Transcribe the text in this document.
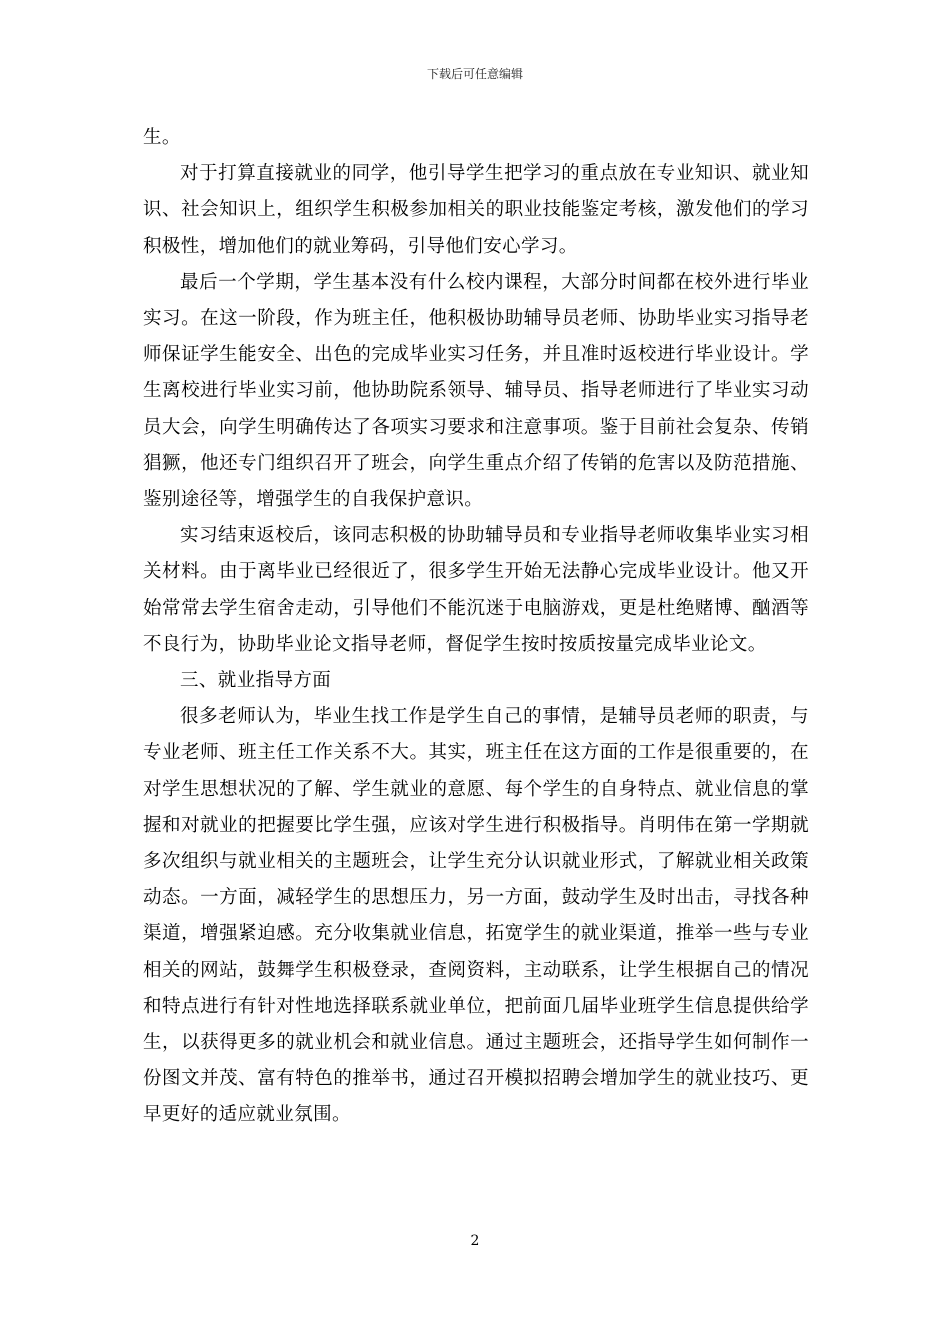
下载后可任意编辑

生。

对于打算直接就业的同学，他引导学生把学习的重点放在专业知识、就业知识、社会知识上，组织学生积极参加相关的职业技能鉴定考核，激发他们的学习积极性，增加他们的就业筹码，引导他们安心学习。

最后一个学期，学生基本没有什么校内课程，大部分时间都在校外进行毕业实习。在这一阶段，作为班主任，他积极协助辅导员老师、协助毕业实习指导老师保证学生能安全、出色的完成毕业实习任务，并且准时返校进行毕业设计。学生离校进行毕业实习前，他协助院系领导、辅导员、指导老师进行了毕业实习动员大会，向学生明确传达了各项实习要求和注意事项。鉴于目前社会复杂、传销猖獗，他还专门组织召开了班会，向学生重点介绍了传销的危害以及防范措施、鉴别途径等，增强学生的自我保护意识。

实习结束返校后，该同志积极的协助辅导员和专业指导老师收集毕业实习相关材料。由于离毕业已经很近了，很多学生开始无法静心完成毕业设计。他又开始常常去学生宿舍走动，引导他们不能沉迷于电脑游戏，更是杜绝赌博、酗酒等不良行为，协助毕业论文指导老师，督促学生按时按质按量完成毕业论文。

三、就业指导方面

很多老师认为，毕业生找工作是学生自己的事情，是辅导员老师的职责，与专业老师、班主任工作关系不大。其实，班主任在这方面的工作是很重要的，在对学生思想状况的了解、学生就业的意愿、每个学生的自身特点、就业信息的掌握和对就业的把握要比学生强，应该对学生进行积极指导。肖明伟在第一学期就多次组织与就业相关的主题班会，让学生充分认识就业形式，了解就业相关政策动态。一方面，减轻学生的思想压力，另一方面，鼓动学生及时出击，寻找各种渠道，增强紧迫感。充分收集就业信息，拓宽学生的就业渠道，推举一些与专业相关的网站，鼓舞学生积极登录，查阅资料，主动联系，让学生根据自己的情况和特点进行有针对性地选择联系就业单位，把前面几届毕业班学生信息提供给学生，以获得更多的就业机会和就业信息。通过主题班会，还指导学生如何制作一份图文并茂、富有特色的推举书，通过召开模拟招聘会增加学生的就业技巧、更早更好的适应就业氛围。

2
